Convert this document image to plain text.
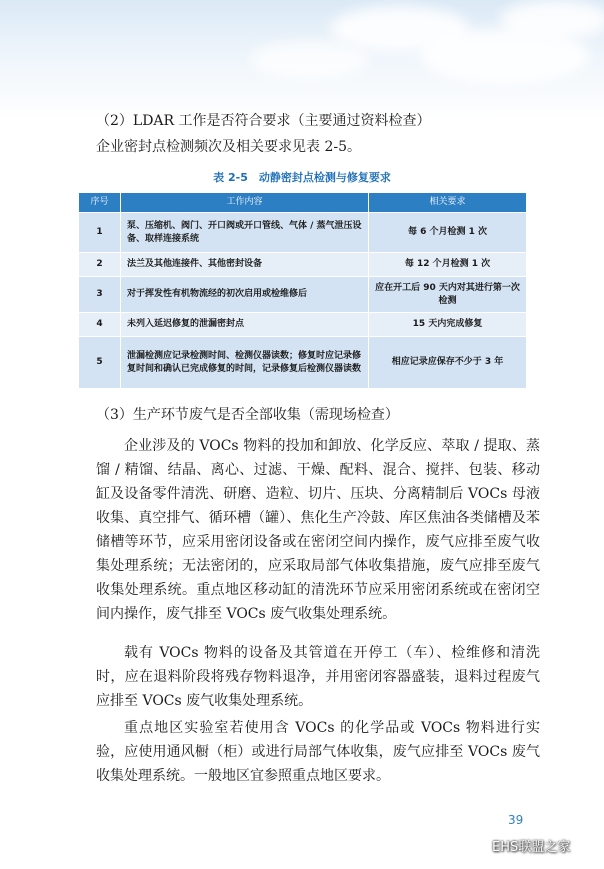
（2）LDAR 工作是否符合要求（主要通过资料检查）
企业密封点检测频次及相关要求见表 2-5。
表 2-5　动静密封点检测与修复要求
序号	工作内容	相关要求
1	泵、压缩机、阀门、开口阀或开口管线、气体 / 蒸气泄压设备、取样连接系统	每 6 个月检测 1 次
2	法兰及其他连接件、其他密封设备	每 12 个月检测 1 次
3	对于挥发性有机物流经的初次启用或检维修后	应在开工后 90 天内对其进行第一次检测
4	未列入延迟修复的泄漏密封点	15 天内完成修复
5	泄漏检测应记录检测时间、检测仪器读数；修复时应记录修复时间和确认已完成修复的时间，记录修复后检测仪器读数	相应记录应保存不少于 3 年
（3）生产环节废气是否全部收集（需现场检查）
企业涉及的 VOCs 物料的投加和卸放、化学反应、萃取 / 提取、蒸馏 / 精馏、结晶、离心、过滤、干燥、配料、混合、搅拌、包装、移动缸及设备零件清洗、研磨、造粒、切片、压块、分离精制后 VOCs 母液收集、真空排气、循环槽（罐）、焦化生产冷鼓、库区焦油各类储槽及苯储槽等环节，应采用密闭设备或在密闭空间内操作，废气应排至废气收集处理系统；无法密闭的，应采取局部气体收集措施，废气应排至废气收集处理系统。重点地区移动缸的清洗环节应采用密闭系统或在密闭空间内操作，废气排至 VOCs 废气收集处理系统。
载有 VOCs 物料的设备及其管道在开停工（车）、检维修和清洗时，应在退料阶段将残存物料退净，并用密闭容器盛装，退料过程废气应排至 VOCs 废气收集处理系统。
重点地区实验室若使用含 VOCs 的化学品或 VOCs 物料进行实验，应使用通风橱（柜）或进行局部气体收集，废气应排至 VOCs 废气收集处理系统。一般地区宜参照重点地区要求。
39
EHS联盟之家
